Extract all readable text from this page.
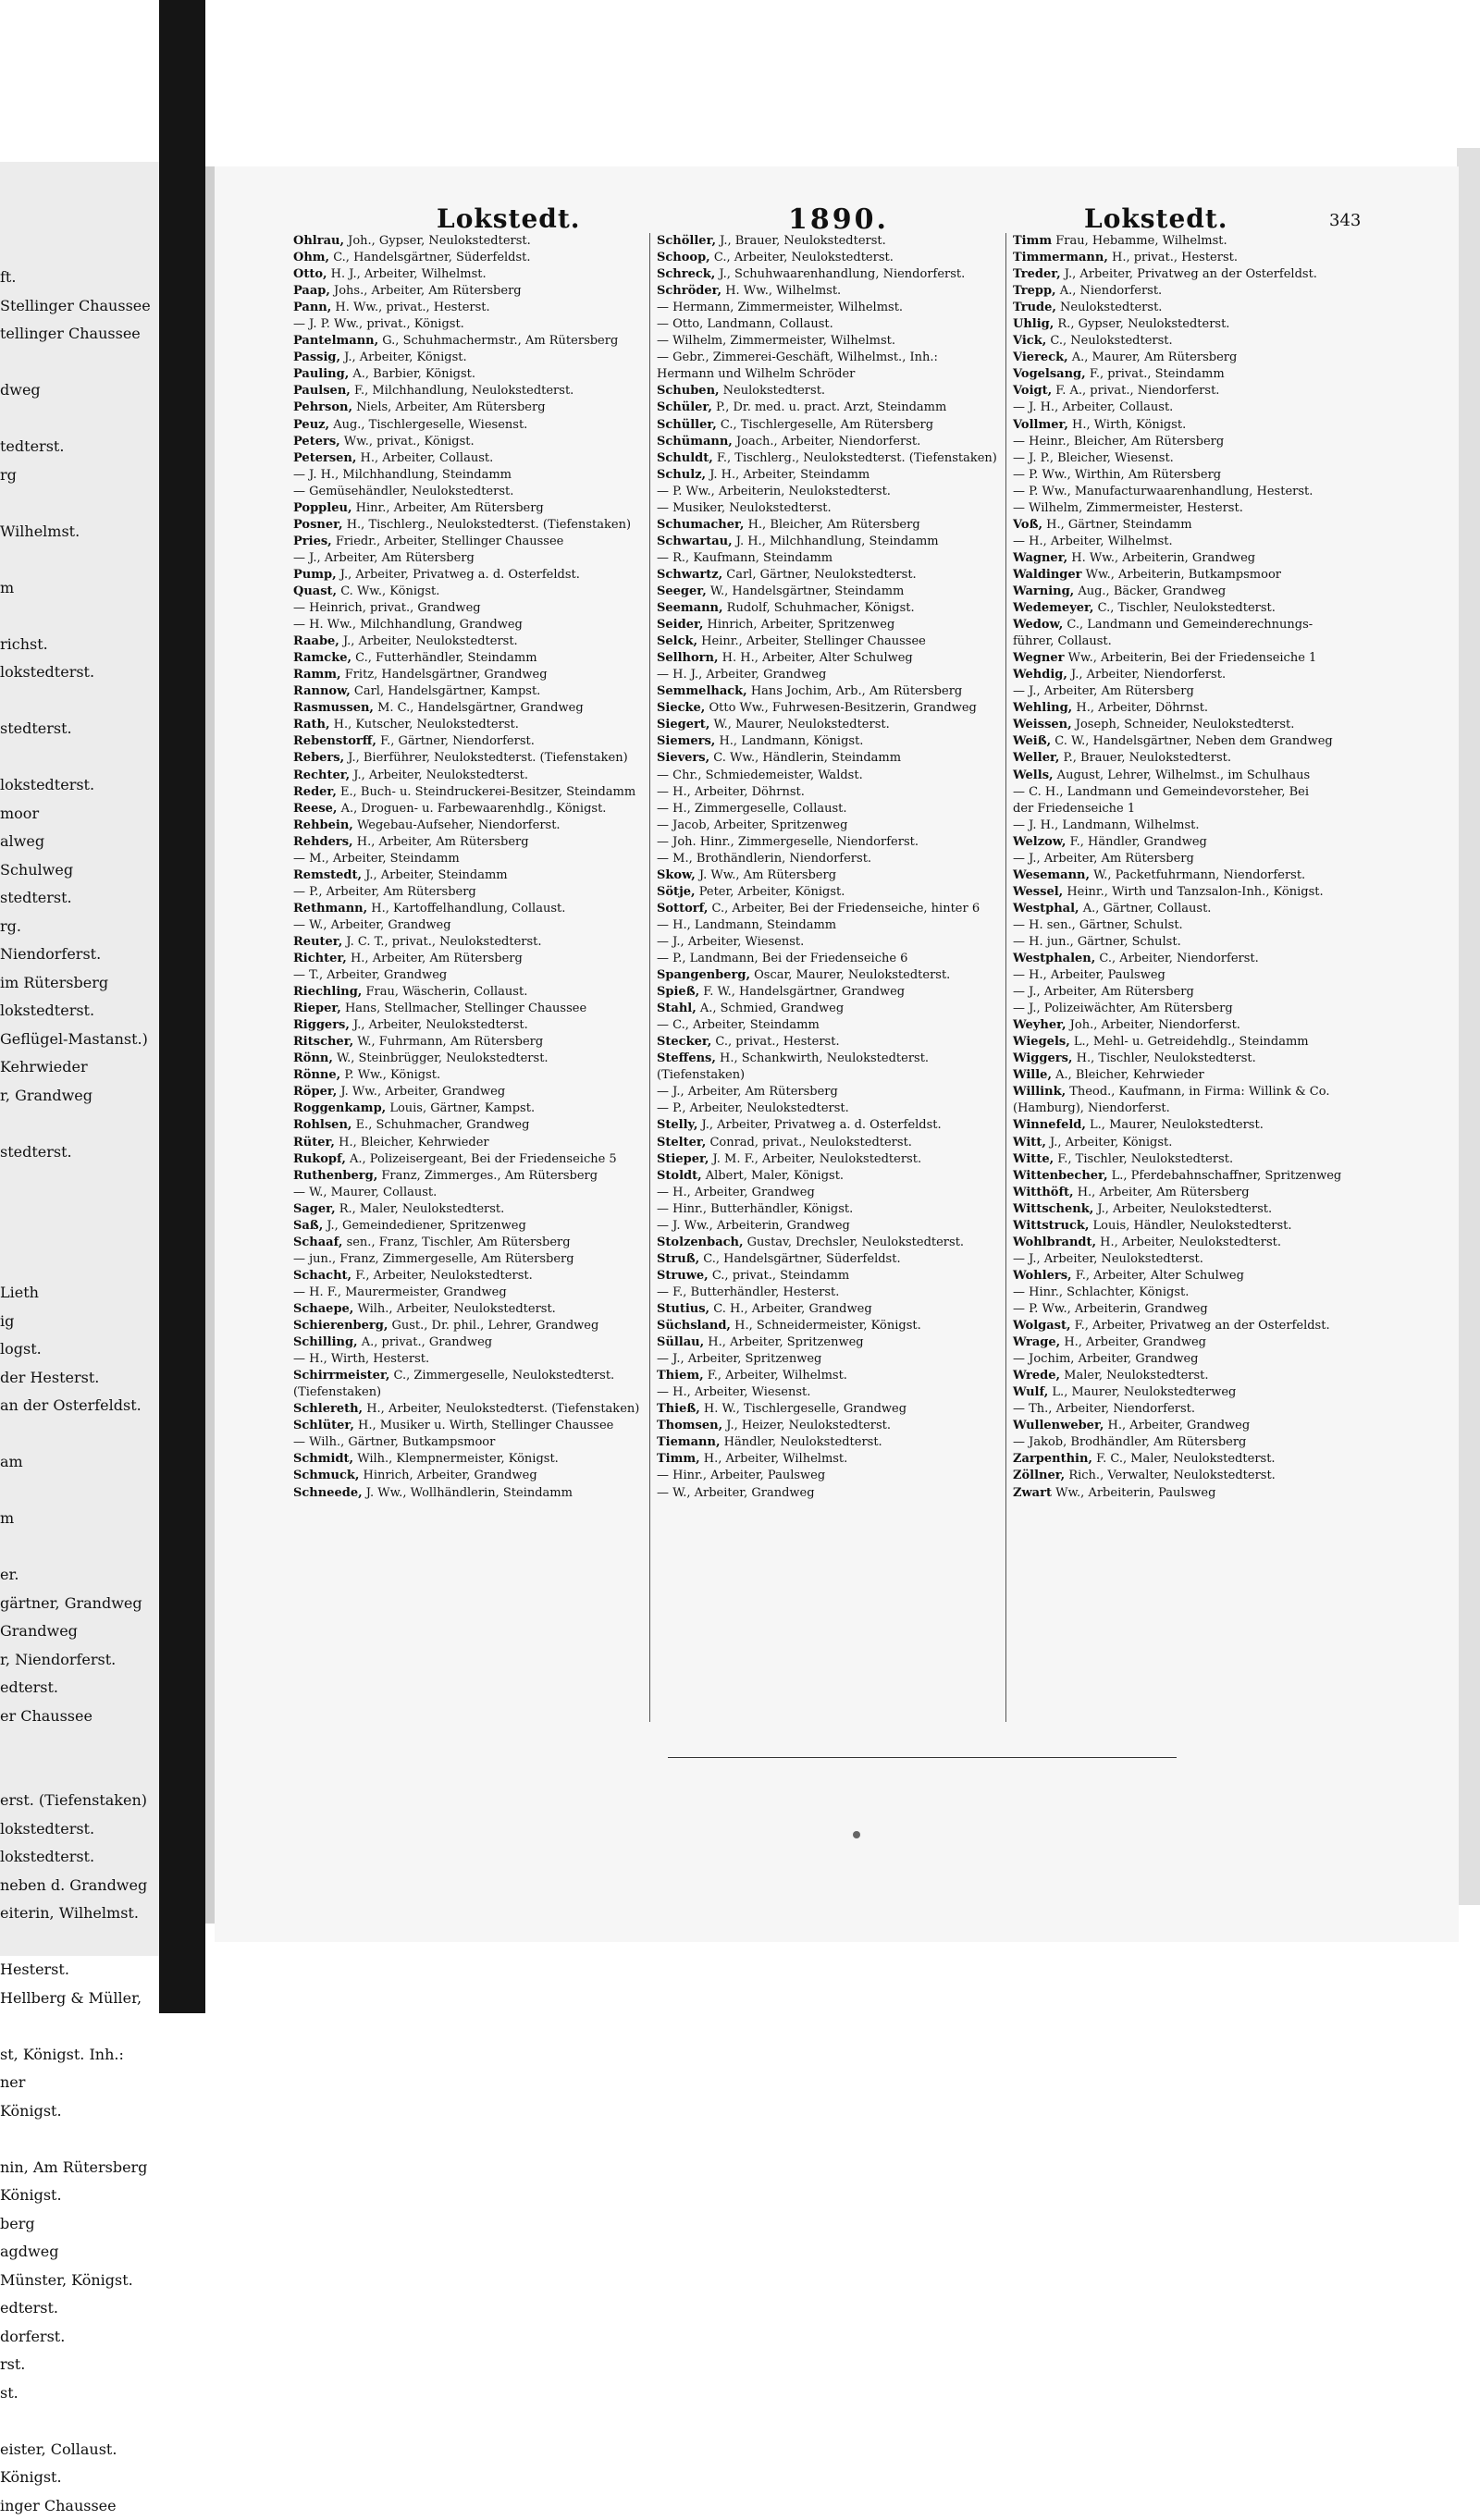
ft.
Stellinger Chaussee
tellinger Chaussee
dweg
tedterst.
rg
Wilhelmst.
m
richst.
lokstedterst.
stedterst.
lokstedterst.
moor
alweg
Schulweg
stedterst.
rg.
Niendorferst.
im Rütersberg
lokstedterst.
Geflügel-Mastanst.)
Kehrwieder
r, Grandweg
stedterst.
Lieth
ig
logst.
der Hesterst.
an der Osterfeldst.
am
m
er.
gärtner, Grandweg
Grandweg
r, Niendorferst.
edterst.
er Chaussee
erst. (Tiefenstaken)
lokstedterst.
lokstedterst.
neben d. Grandweg
eiterin, Wilhelmst.
Hesterst.
Hellberg & Müller,
st, Königst. Inh.:
ner
Königst.
nin, Am Rütersberg
Königst.
berg
agdweg
Münster, Königst.
edterst.
dorferst.
rst.
st.
eister, Collaust.
Königst.
inger Chaussee
Lokstedt.	1890.	Lokstedt.	343
Ohlrau, Joh., Gypser, Neulokstedterst.
Ohm, C., Handelsgärtner, Süderfeldst.
Otto, H. J., Arbeiter, Wilhelmst.
Paap, Johs., Arbeiter, Am Rütersberg
Pann, H. Ww., privat., Hesterst.
— J. P. Ww., privat., Königst.
Pantelmann, G., Schuhmachermstr., Am Rütersberg
Passig, J., Arbeiter, Königst.
Pauling, A., Barbier, Königst.
Paulsen, F., Milchhandlung, Neulokstedterst.
Pehrson, Niels, Arbeiter, Am Rütersberg
Peuz, Aug., Tischlergeselle, Wiesenst.
Peters, Ww., privat., Königst.
Petersen, H., Arbeiter, Collaust.
— J. H., Milchhandlung, Steindamm
— Gemüsehändler, Neulokstedterst.
Poppleu, Hinr., Arbeiter, Am Rütersberg
Posner, H., Tischlerg., Neulokstedterst. (Tiefenstaken)
Pries, Friedr., Arbeiter, Stellinger Chaussee
— J., Arbeiter, Am Rütersberg
Pump, J., Arbeiter, Privatweg a. d. Osterfeldst.
Quast, C. Ww., Königst.
— Heinrich, privat., Grandweg
— H. Ww., Milchhandlung, Grandweg
Raabe, J., Arbeiter, Neulokstedterst.
Ramcke, C., Futterhändler, Steindamm
Ramm, Fritz, Handelsgärtner, Grandweg
Rannow, Carl, Handelsgärtner, Kampst.
Rasmussen, M. C., Handelsgärtner, Grandweg
Rath, H., Kutscher, Neulokstedterst.
Rebenstorff, F., Gärtner, Niendorferst.
Rebers, J., Bierführer, Neulokstedterst. (Tiefenstaken)
Rechter, J., Arbeiter, Neulokstedterst.
Reder, E., Buch- u. Steindruckerei-Besitzer, Steindamm
Reese, A., Droguen- u. Farbewaarenhdlg., Königst.
Rehbein, Wegebau-Aufseher, Niendorferst.
Rehders, H., Arbeiter, Am Rütersberg
— M., Arbeiter, Steindamm
Remstedt, J., Arbeiter, Steindamm
— P., Arbeiter, Am Rütersberg
Rethmann, H., Kartoffelhandlung, Collaust.
— W., Arbeiter, Grandweg
Reuter, J. C. T., privat., Neulokstedterst.
Richter, H., Arbeiter, Am Rütersberg
— T., Arbeiter, Grandweg
Riechling, Frau, Wäscherin, Collaust.
Rieper, Hans, Stellmacher, Stellinger Chaussee
Riggers, J., Arbeiter, Neulokstedterst.
Ritscher, W., Fuhrmann, Am Rütersberg
Rönn, W., Steinbrügger, Neulokstedterst.
Rönne, P. Ww., Königst.
Röper, J. Ww., Arbeiter, Grandweg
Roggenkamp, Louis, Gärtner, Kampst.
Rohlsen, E., Schuhmacher, Grandweg
Rüter, H., Bleicher, Kehrwieder
Rukopf, A., Polizeisergeant, Bei der Friedenseiche 5
Ruthenberg, Franz, Zimmerges., Am Rütersberg
— W., Maurer, Collaust.
Sager, R., Maler, Neulokstedterst.
Saß, J., Gemeindediener, Spritzenweg
Schaaf, sen., Franz, Tischler, Am Rütersberg
— jun., Franz, Zimmergeselle, Am Rütersberg
Schacht, F., Arbeiter, Neulokstedterst.
— H. F., Maurermeister, Grandweg
Schaepe, Wilh., Arbeiter, Neulokstedterst.
Schierenberg, Gust., Dr. phil., Lehrer, Grandweg
Schilling, A., privat., Grandweg
— H., Wirth, Hesterst.
Schirrmeister, C., Zimmergeselle, Neulokstedterst.
(Tiefenstaken)
Schlereth, H., Arbeiter, Neulokstedterst. (Tiefenstaken)
Schlüter, H., Musiker u. Wirth, Stellinger Chaussee
— Wilh., Gärtner, Butkampsmoor
Schmidt, Wilh., Klempnermeister, Königst.
Schmuck, Hinrich, Arbeiter, Grandweg
Schneede, J. Ww., Wollhändlerin, Steindamm
Schöller, J., Brauer, Neulokstedterst.
Schoop, C., Arbeiter, Neulokstedterst.
Schreck, J., Schuhwaarenhandlung, Niendorferst.
Schröder, H. Ww., Wilhelmst.
— Hermann, Zimmermeister, Wilhelmst.
— Otto, Landmann, Collaust.
— Wilhelm, Zimmermeister, Wilhelmst.
— Gebr., Zimmerei-Geschäft, Wilhelmst., Inh.:
Hermann und Wilhelm Schröder
Schuben, Neulokstedterst.
Schüler, P., Dr. med. u. pract. Arzt, Steindamm
Schüller, C., Tischlergeselle, Am Rütersberg
Schümann, Joach., Arbeiter, Niendorferst.
Schuldt, F., Tischlerg., Neulokstedterst. (Tiefenstaken)
Schulz, J. H., Arbeiter, Steindamm
— P. Ww., Arbeiterin, Neulokstedterst.
— Musiker, Neulokstedterst.
Schumacher, H., Bleicher, Am Rütersberg
Schwartau, J. H., Milchhandlung, Steindamm
— R., Kaufmann, Steindamm
Schwartz, Carl, Gärtner, Neulokstedterst.
Seeger, W., Handelsgärtner, Steindamm
Seemann, Rudolf, Schuhmacher, Königst.
Seider, Hinrich, Arbeiter, Spritzenweg
Selck, Heinr., Arbeiter, Stellinger Chaussee
Sellhorn, H. H., Arbeiter, Alter Schulweg
— H. J., Arbeiter, Grandweg
Semmelhack, Hans Jochim, Arb., Am Rütersberg
Siecke, Otto Ww., Fuhrwesen-Besitzerin, Grandweg
Siegert, W., Maurer, Neulokstedterst.
Siemers, H., Landmann, Königst.
Sievers, C. Ww., Händlerin, Steindamm
— Chr., Schmiedemeister, Waldst.
— H., Arbeiter, Döhrnst.
— H., Zimmergeselle, Collaust.
— Jacob, Arbeiter, Spritzenweg
— Joh. Hinr., Zimmergeselle, Niendorferst.
— M., Brothändlerin, Niendorferst.
Skow, J. Ww., Am Rütersberg
Sötje, Peter, Arbeiter, Königst.
Sottorf, C., Arbeiter, Bei der Friedenseiche, hinter 6
— H., Landmann, Steindamm
— J., Arbeiter, Wiesenst.
— P., Landmann, Bei der Friedenseiche 6
Spangenberg, Oscar, Maurer, Neulokstedterst.
Spieß, F. W., Handelsgärtner, Grandweg
Stahl, A., Schmied, Grandweg
— C., Arbeiter, Steindamm
Stecker, C., privat., Hesterst.
Steffens, H., Schankwirth, Neulokstedterst.
(Tiefenstaken)
— J., Arbeiter, Am Rütersberg
— P., Arbeiter, Neulokstedterst.
Stelly, J., Arbeiter, Privatweg a. d. Osterfeldst.
Stelter, Conrad, privat., Neulokstedterst.
Stieper, J. M. F., Arbeiter, Neulokstedterst.
Stoldt, Albert, Maler, Königst.
— H., Arbeiter, Grandweg
— Hinr., Butterhändler, Königst.
— J. Ww., Arbeiterin, Grandweg
Stolzenbach, Gustav, Drechsler, Neulokstedterst.
Struß, C., Handelsgärtner, Süderfeldst.
Struwe, C., privat., Steindamm
— F., Butterhändler, Hesterst.
Stutius, C. H., Arbeiter, Grandweg
Süchsland, H., Schneidermeister, Königst.
Süllau, H., Arbeiter, Spritzenweg
— J., Arbeiter, Spritzenweg
Thiem, F., Arbeiter, Wilhelmst.
— H., Arbeiter, Wiesenst.
Thieß, H. W., Tischlergeselle, Grandweg
Thomsen, J., Heizer, Neulokstedterst.
Tiemann, Händler, Neulokstedterst.
Timm, H., Arbeiter, Wilhelmst.
— Hinr., Arbeiter, Paulsweg
— W., Arbeiter, Grandweg
Timm Frau, Hebamme, Wilhelmst.
Timmermann, H., privat., Hesterst.
Treder, J., Arbeiter, Privatweg an der Osterfeldst.
Trepp, A., Niendorferst.
Trude, Neulokstedterst.
Uhlig, R., Gypser, Neulokstedterst.
Vick, C., Neulokstedterst.
Viereck, A., Maurer, Am Rütersberg
Vogelsang, F., privat., Steindamm
Voigt, F. A., privat., Niendorferst.
— J. H., Arbeiter, Collaust.
Vollmer, H., Wirth, Königst.
— Heinr., Bleicher, Am Rütersberg
— J. P., Bleicher, Wiesenst.
— P. Ww., Wirthin, Am Rütersberg
— P. Ww., Manufacturwaarenhandlung, Hesterst.
— Wilhelm, Zimmermeister, Hesterst.
Voß, H., Gärtner, Steindamm
— H., Arbeiter, Wilhelmst.
Wagner, H. Ww., Arbeiterin, Grandweg
Waldinger Ww., Arbeiterin, Butkampsmoor
Warning, Aug., Bäcker, Grandweg
Wedemeyer, C., Tischler, Neulokstedterst.
Wedow, C., Landmann und Gemeinderechnungs-
führer, Collaust.
Wegner Ww., Arbeiterin, Bei der Friedenseiche 1
Wehdig, J., Arbeiter, Niendorferst.
— J., Arbeiter, Am Rütersberg
Wehling, H., Arbeiter, Döhrnst.
Weissen, Joseph, Schneider, Neulokstedterst.
Weiß, C. W., Handelsgärtner, Neben dem Grandweg
Weller, P., Brauer, Neulokstedterst.
Wells, August, Lehrer, Wilhelmst., im Schulhaus
— C. H., Landmann und Gemeindevorsteher, Bei
der Friedenseiche 1
— J. H., Landmann, Wilhelmst.
Welzow, F., Händler, Grandweg
— J., Arbeiter, Am Rütersberg
Wesemann, W., Packetfuhrmann, Niendorferst.
Wessel, Heinr., Wirth und Tanzsalon-Inh., Königst.
Westphal, A., Gärtner, Collaust.
— H. sen., Gärtner, Schulst.
— H. jun., Gärtner, Schulst.
Westphalen, C., Arbeiter, Niendorferst.
— H., Arbeiter, Paulsweg
— J., Arbeiter, Am Rütersberg
— J., Polizeiwächter, Am Rütersberg
Weyher, Joh., Arbeiter, Niendorferst.
Wiegels, L., Mehl- u. Getreidehdlg., Steindamm
Wiggers, H., Tischler, Neulokstedterst.
Wille, A., Bleicher, Kehrwieder
Willink, Theod., Kaufmann, in Firma: Willink & Co.
(Hamburg), Niendorferst.
Winnefeld, L., Maurer, Neulokstedterst.
Witt, J., Arbeiter, Königst.
Witte, F., Tischler, Neulokstedterst.
Wittenbecher, L., Pferdebahnschaffner, Spritzenweg
Witthöft, H., Arbeiter, Am Rütersberg
Wittschenk, J., Arbeiter, Neulokstedterst.
Wittstruck, Louis, Händler, Neulokstedterst.
Wohlbrandt, H., Arbeiter, Neulokstedterst.
— J., Arbeiter, Neulokstedterst.
Wohlers, F., Arbeiter, Alter Schulweg
— Hinr., Schlachter, Königst.
— P. Ww., Arbeiterin, Grandweg
Wolgast, F., Arbeiter, Privatweg an der Osterfeldst.
Wrage, H., Arbeiter, Grandweg
— Jochim, Arbeiter, Grandweg
Wrede, Maler, Neulokstedterst.
Wulf, L., Maurer, Neulokstedterweg
— Th., Arbeiter, Niendorferst.
Wullenweber, H., Arbeiter, Grandweg
— Jakob, Brodhändler, Am Rütersberg
Zarpenthin, F. C., Maler, Neulokstedterst.
Zöllner, Rich., Verwalter, Neulokstedterst.
Zwart Ww., Arbeiterin, Paulsweg
